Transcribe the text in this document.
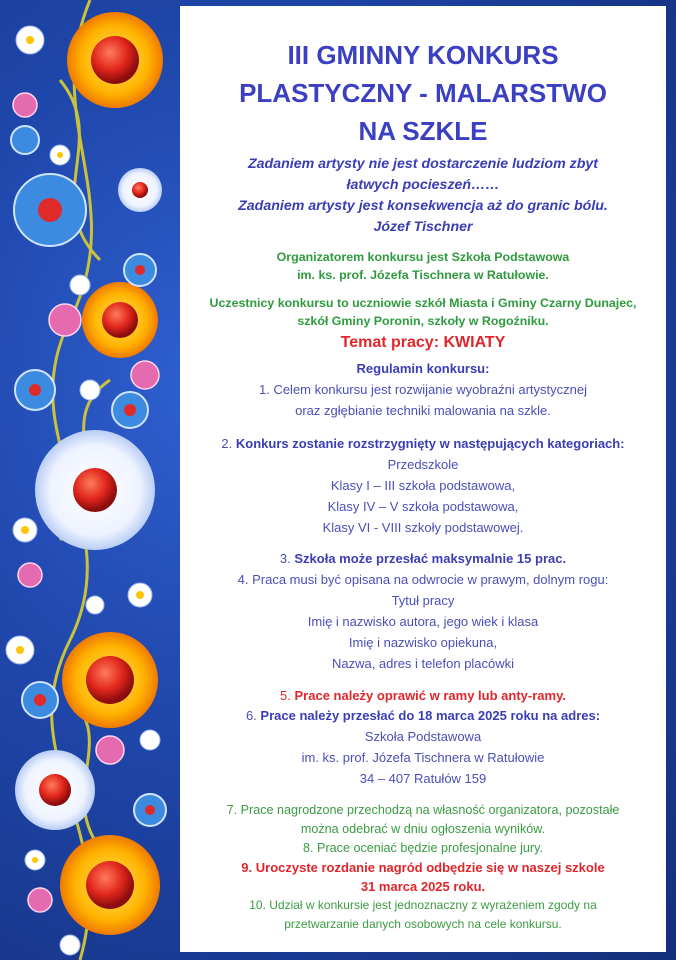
III GMINNY KONKURS

PLASTYCZNY - MALARSTWO

NA SZKLE

Zadaniem artysty nie jest dostarczenie ludziom zbyt

łatwych pocieszeń……

Zadaniem artysty jest konsekwencja aż do granic bólu.

Józef Tischner

Organizatorem konkursu jest Szkoła Podstawowa

im. ks. prof. Józefa Tischnera w Ratułowie.

Uczestnicy konkursu to uczniowie szkół Miasta i Gminy Czarny Dunajec,

szkół Gminy Poronin, szkoły w Rogoźniku.

Temat pracy: KWIATY

Regulamin konkursu:

1. Celem konkursu jest rozwijanie wyobraźni artystycznej

oraz zgłębianie techniki malowania na szkle.

2. Konkurs zostanie rozstrzygnięty w następujących kategoriach:

Przedszkole

Klasy I – III szkoła podstawowa,

Klasy IV – V szkoła podstawowa,

Klasy VI - VIII szkoły podstawowej.

3. Szkoła może przesłać maksymalnie 15 prac.

4. Praca musi być opisana na odwrocie w prawym, dolnym rogu:

Tytuł pracy

Imię i nazwisko autora, jego wiek i klasa

Imię i nazwisko opiekuna,

Nazwa, adres i telefon placówki

5. Prace należy oprawić w ramy lub anty-ramy.

6. Prace należy przesłać do 18 marca 2025 roku na adres:

Szkoła Podstawowa

im. ks. prof. Józefa Tischnera w Ratułowie

34 – 407 Ratułów 159

7. Prace nagrodzone przechodzą na własność organizatora, pozostałe

można odebrać w dniu ogłoszenia wyników.

8. Prace oceniać będzie profesjonalne jury.

9. Uroczyste rozdanie nagród odbędzie się w naszej szkole

31 marca 2025 roku.

10. Udział w konkursie jest jednoznaczny z wyrażeniem zgody na

przetwarzanie danych osobowych na cele konkursu.
